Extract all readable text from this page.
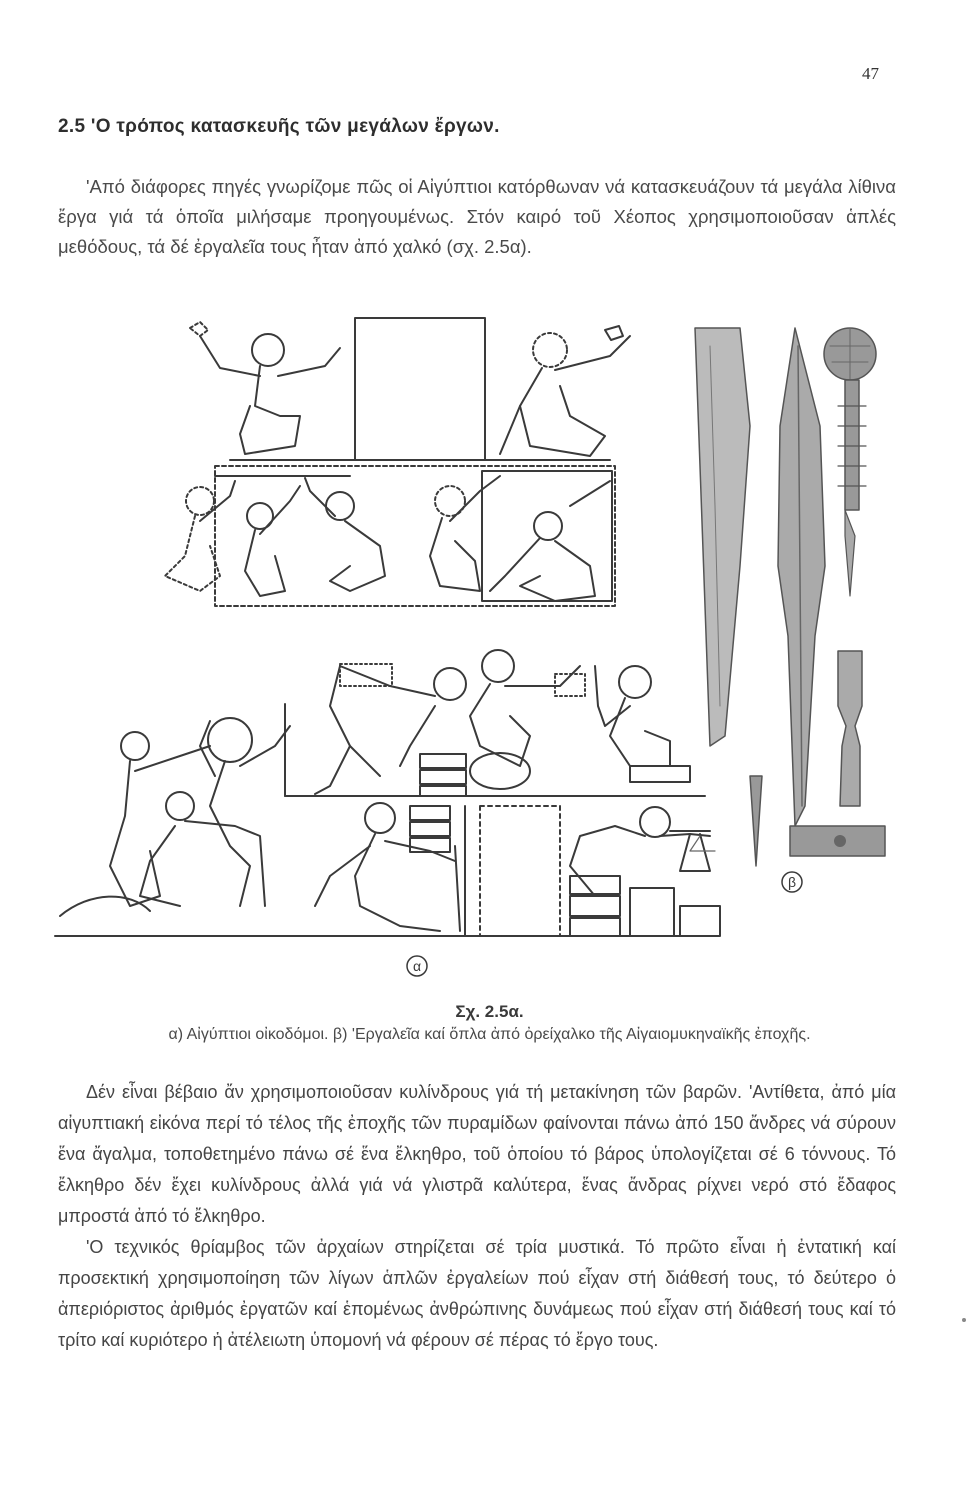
47
2.5 'Ο τρόπος κατασκευῆς τῶν μεγάλων ἔργων.

'Από διάφορες πηγές γνωρίζομε πῶς οἱ Αἰγύπτιοι κατόρθωναν νά κατασκευάζουν τά μεγάλα λίθινα ἔργα γιά τά ὁποῖα μιλήσαμε προηγουμένως. Στόν καιρό τοῦ Χέοπος χρησιμοποιοῦσαν ἁπλές μεθόδους, τά δέ ἐργαλεῖα τους ἦταν ἀπό χαλκό (σχ. 2.5α).

α
β
Σχ. 2.5α.
α) Αἰγύπτιοι οἰκοδόμοι. β) 'Εργαλεῖα καί ὅπλα ἀπό ὀρείχαλκο τῆς Αἰγαιομυκηναϊκῆς ἐποχῆς.

Δέν εἶναι βέβαιο ἄν χρησιμοποιοῦσαν κυλίνδρους γιά τή μετακίνηση τῶν βαρῶν. 'Αντίθετα, ἀπό μία αἰγυπτιακή εἰκόνα περί τό τέλος τῆς ἐποχῆς τῶν πυραμίδων φαίνονται πάνω ἀπό 150 ἄνδρες νά σύρουν ἕνα ἄγαλμα, τοποθετημένο πάνω σέ ἕνα ἔλκηθρο, τοῦ ὁποίου τό βάρος ὑπολογίζεται σέ 6 τόννους. Τό ἔλκηθρο δέν ἔχει κυλίνδρους ἀλλά γιά νά γλιστρᾶ καλύτερα, ἕνας ἄνδρας ρίχνει νερό στό ἔδαφος μπροστά ἀπό τό ἔλκηθρο.

'Ο τεχνικός θρίαμβος τῶν ἀρχαίων στηρίζεται σέ τρία μυστικά. Τό πρῶτο εἶναι ἡ ἐντατική καί προσεκτική χρησιμοποίηση τῶν λίγων ἁπλῶν ἐργαλείων πού εἶχαν στή διάθεσή τους, τό δεύτερο ὁ ἀπεριόριστος ἀριθμός ἐργατῶν καί ἑπομένως ἀνθρώπινης δυνάμεως πού εἶχαν στή διάθεσή τους καί τό τρίτο καί κυριότερο ἡ ἀτέλειωτη ὑπομονή νά φέρουν σέ πέρας τό ἔργο τους.
